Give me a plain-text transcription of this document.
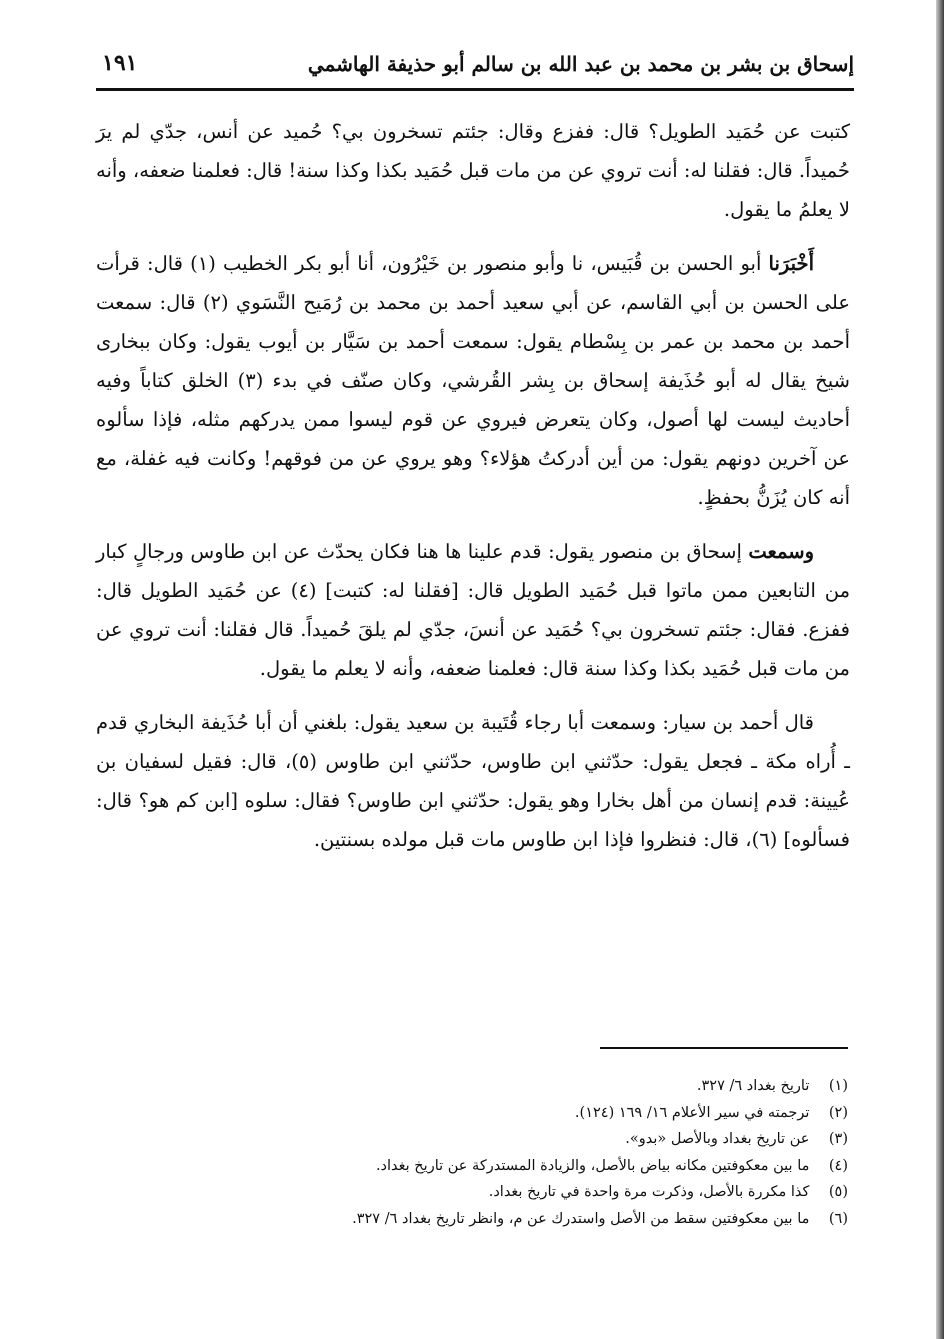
إسحاق بن بشر بن محمد بن عبد الله بن سالم أبو حذيفة الهاشمي
١٩١

كتبت عن حُمَيد الطويل؟ قال: ففزع وقال: جئتم تسخرون بي؟ حُميد عن أنس، جدّي لم يرَ حُميداً. قال: فقلنا له: أنت تروي عن من مات قبل حُمَيد بكذا وكذا سنة! قال: فعلمنا ضعفه، وأنه لا يعلمُ ما يقول.

أَخْبَرَنا أبو الحسن بن قُبَيس، نا وأبو منصور بن خَيْرُون، أنا أبو بكر الخطيب (١) قال: قرأت على الحسن بن أبي القاسم، عن أبي سعيد أحمد بن محمد بن رُمَيح النَّسَوي (٢) قال: سمعت أحمد بن محمد بن عمر بن بِسْطام يقول: سمعت أحمد بن سَيَّار بن أيوب يقول: وكان ببخارى شيخ يقال له أبو حُذَيفة إسحاق بن بِشر القُرشي، وكان صنّف في بدء (٣) الخلق كتاباً وفيه أحاديث ليست لها أصول، وكان يتعرض فيروي عن قوم ليسوا ممن يدركهم مثله، فإذا سألوه عن آخرين دونهم يقول: من أين أدركتُ هؤلاء؟ وهو يروي عن من فوقهم! وكانت فيه غفلة، مع أنه كان يُزَنُّ بحفظٍ.

وسمعت إسحاق بن منصور يقول: قدم علينا ها هنا فكان يحدّث عن ابن طاوس ورجالٍ كبار من التابعين ممن ماتوا قبل حُمَيد الطويل قال: [فقلنا له: كتبت] (٤) عن حُمَيد الطويل قال: ففزع. فقال: جئتم تسخرون بي؟ حُمَيد عن أنسَ، جدّي لم يلقَ حُميداً. قال فقلنا: أنت تروي عن من مات قبل حُمَيد بكذا وكذا سنة قال: فعلمنا ضعفه، وأنه لا يعلم ما يقول.

قال أحمد بن سيار: وسمعت أبا رجاء قُتَيبة بن سعيد يقول: بلغني أن أبا حُذَيفة البخاري قدم ـ أُراه مكة ـ فجعل يقول: حدّثني ابن طاوس، حدّثني ابن طاوس (٥)، قال: فقيل لسفيان بن عُيينة: قدم إنسان من أهل بخارا وهو يقول: حدّثني ابن طاوس؟ فقال: سلوه [ابن كم هو؟ قال: فسألوه] (٦)، قال: فنظروا فإذا ابن طاوس مات قبل مولده بسنتين.

(١) تاريخ بغداد ٦/ ٣٢٧.
(٢) ترجمته في سير الأعلام ١٦/ ١٦٩ (١٢٤).
(٣) عن تاريخ بغداد وبالأصل «بدو».
(٤) ما بين معكوفتين مكانه بياض بالأصل، والزيادة المستدركة عن تاريخ بغداد.
(٥) كذا مكررة بالأصل، وذكرت مرة واحدة في تاريخ بغداد.
(٦) ما بين معكوفتين سقط من الأصل واستدرك عن م، وانظر تاريخ بغداد ٦/ ٣٢٧.
